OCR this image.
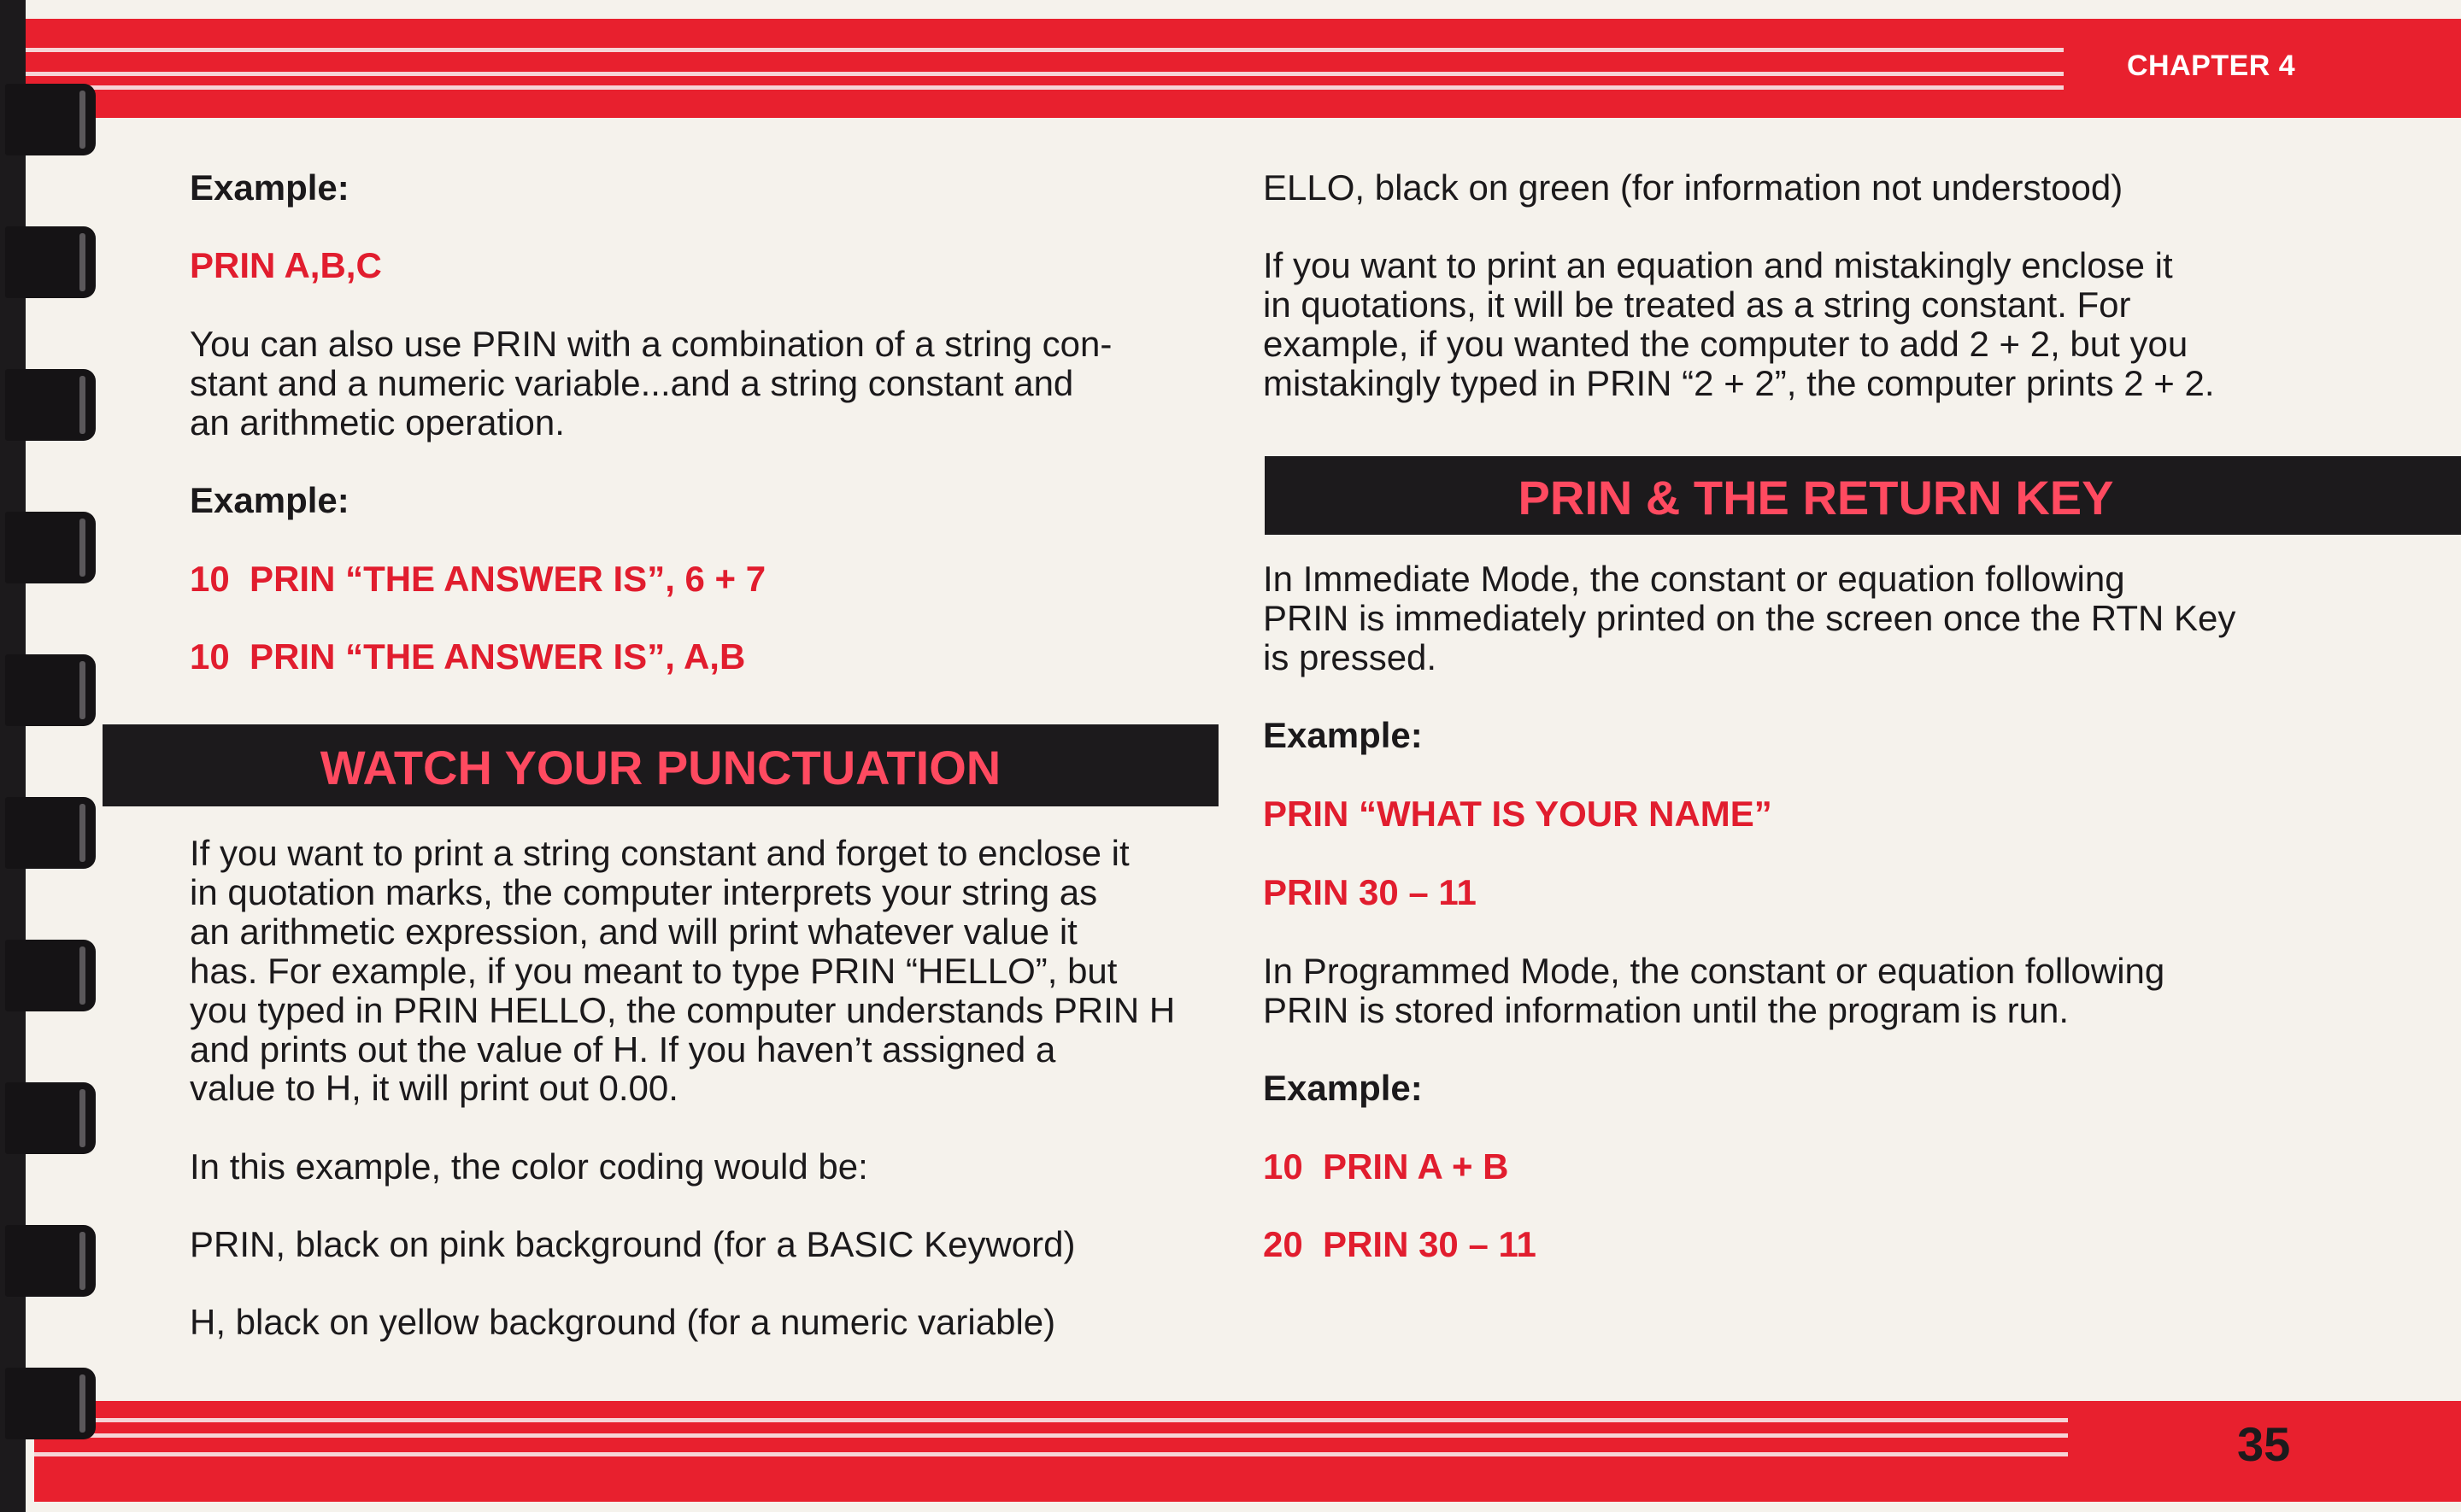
CHAPTER 4
35
Example:
PRIN A,B,C
You can also use PRIN with a combination of a string con-
stant and a numeric variable...and a string constant and
an arithmetic operation.
Example:
10  PRIN “THE ANSWER IS”, 6 + 7
10  PRIN “THE ANSWER IS”, A,B
WATCH YOUR PUNCTUATION
If you want to print a string constant and forget to enclose it
in quotation marks, the computer interprets your string as
an arithmetic expression, and will print whatever value it
has. For example, if you meant to type PRIN “HELLO”, but
you typed in PRIN HELLO, the computer understands PRIN H
and prints out the value of H. If you haven’t assigned a
value to H, it will print out 0.00.
In this example, the color coding would be:
PRIN, black on pink background (for a BASIC Keyword)
H, black on yellow background (for a numeric variable)
ELLO, black on green (for information not understood)
If you want to print an equation and mistakingly enclose it
in quotations, it will be treated as a string constant. For
example, if you wanted the computer to add 2 + 2, but you
mistakingly typed in PRIN “2 + 2”, the computer prints 2 + 2.
PRIN & THE RETURN KEY
In Immediate Mode, the constant or equation following
PRIN is immediately printed on the screen once the RTN Key
is pressed.
Example:
PRIN “WHAT IS YOUR NAME”
PRIN 30 – 11
In Programmed Mode, the constant or equation following
PRIN is stored information until the program is run.
Example:
10  PRIN A + B
20  PRIN 30 – 11
